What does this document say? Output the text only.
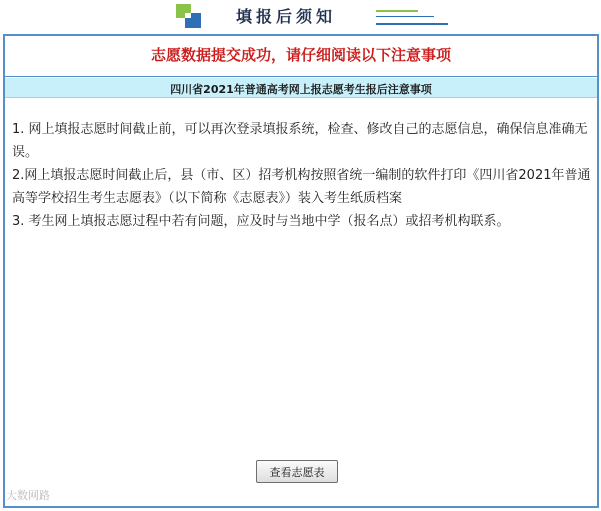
填报后须知
志愿数据提交成功，请仔细阅读以下注意事项
四川省2021年普通高考网上报志愿考生报后注意事项

1. 网上填报志愿时间截止前，可以再次登录填报系统，检查、修改自己的志愿信息，确保信息准确无误。

2.网上填报志愿时间截止后，县（市、区）招考机构按照省统一编制的软件打印《四川省2021年普通高等学校招生考生志愿表》（以下简称《志愿表》）装入考生纸质档案

3. 考生网上填报志愿过程中若有问题，应及时与当地中学（报名点）或招考机构联系。

查看志愿表
大数网路
